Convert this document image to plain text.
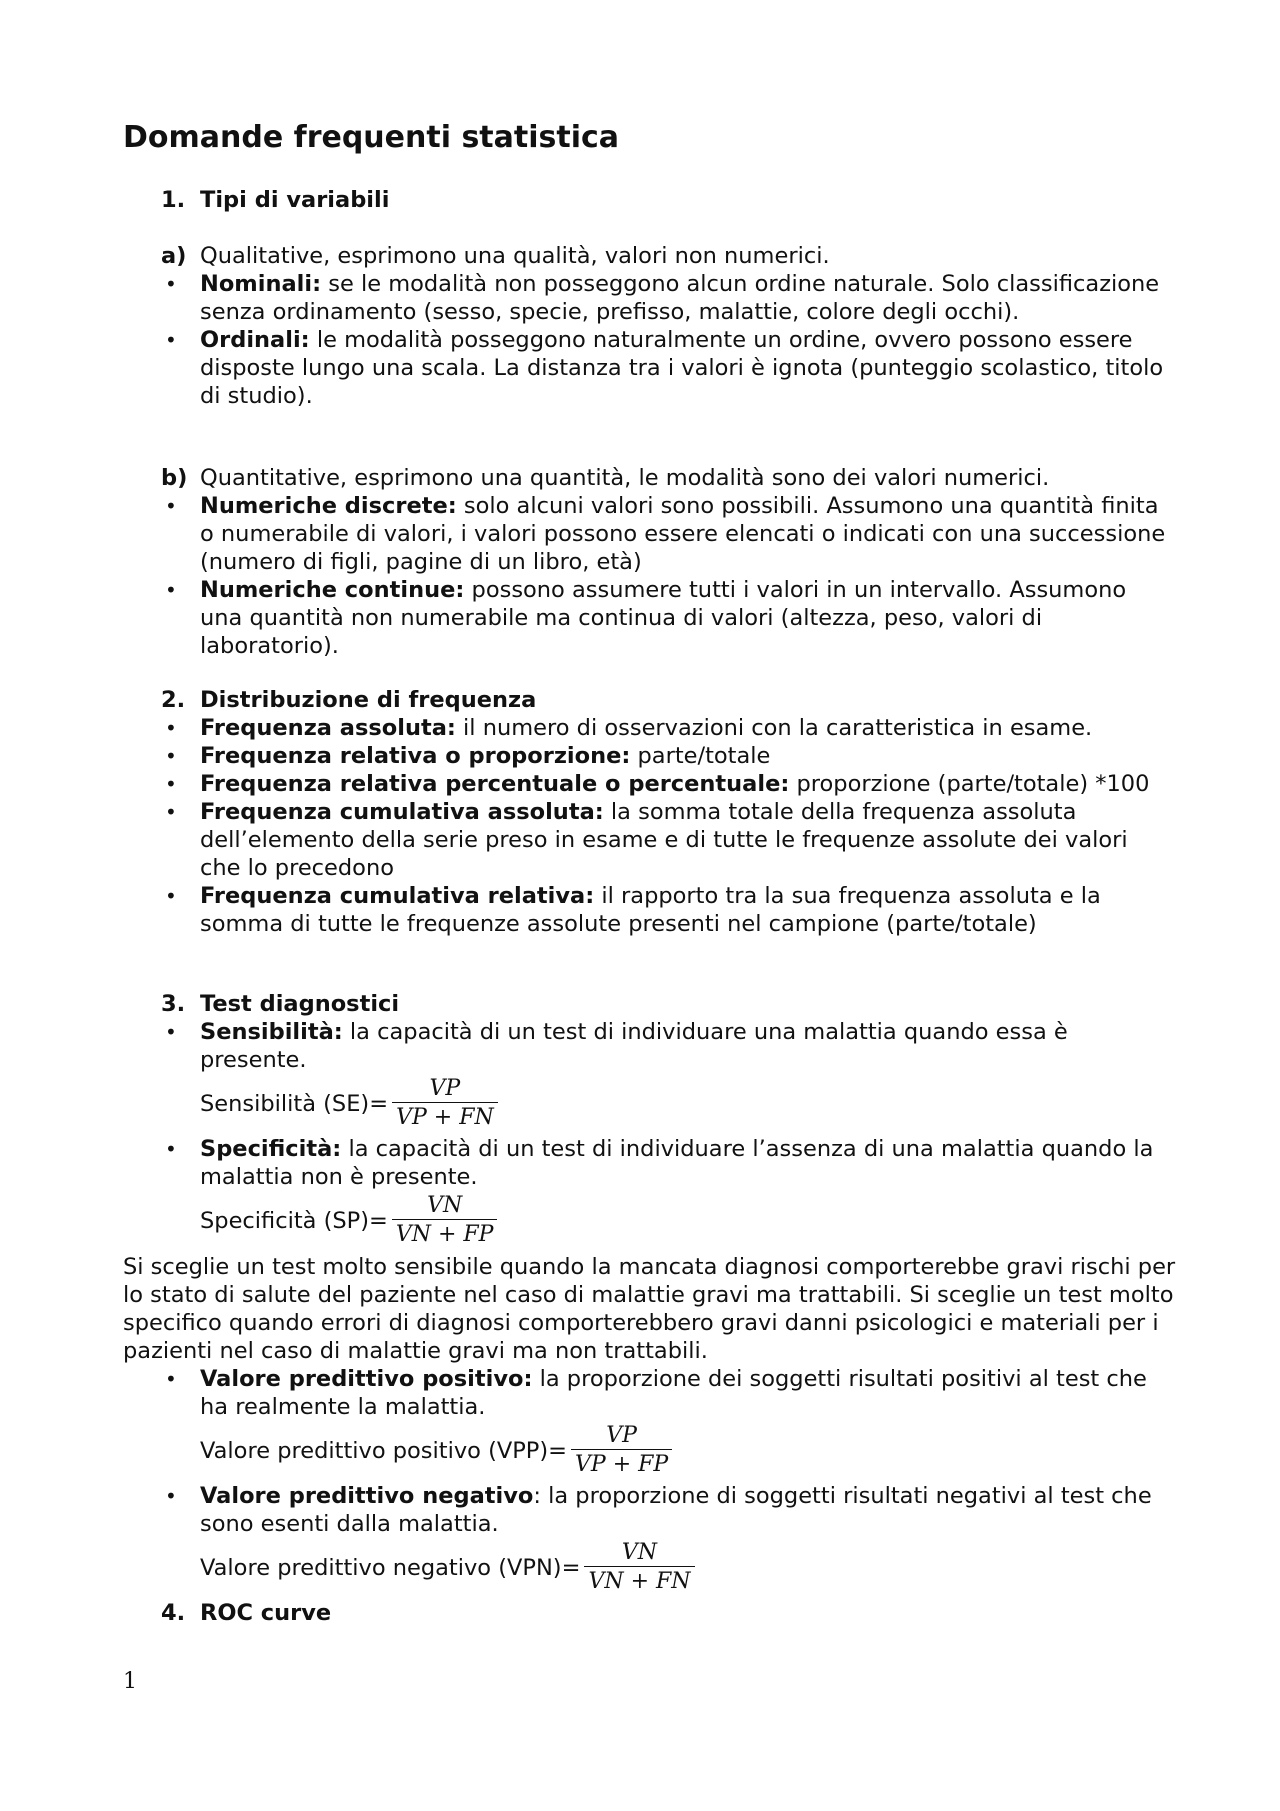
Domande frequenti statistica
1. Tipi di variabili
a) Qualitative, esprimono una qualità, valori non numerici.
•	Nominali: se le modalità non posseggono alcun ordine naturale. Solo classificazione senza ordinamento (sesso, specie, prefisso, malattie, colore degli occhi).
•	Ordinali: le modalità posseggono naturalmente un ordine, ovvero possono essere disposte lungo una scala. La distanza tra i valori è ignota (punteggio scolastico, titolo di studio).
b) Quantitative, esprimono una quantità, le modalità sono dei valori numerici.
•	Numeriche discrete: solo alcuni valori sono possibili. Assumono una quantità finita o numerabile di valori, i valori possono essere elencati o indicati con una successione (numero di figli, pagine di un libro, età)
•	Numeriche continue: possono assumere tutti i valori in un intervallo. Assumono una quantità non numerabile ma continua di valori (altezza, peso, valori di laboratorio).
2. Distribuzione di frequenza
•	Frequenza assoluta: il numero di osservazioni con la caratteristica in esame.
•	Frequenza relativa o proporzione: parte/totale
•	Frequenza relativa percentuale o percentuale: proporzione (parte/totale) *100
•	Frequenza cumulativa assoluta: la somma totale della frequenza assoluta dell’elemento della serie preso in esame e di tutte le frequenze assolute dei valori che lo precedono
•	Frequenza cumulativa relativa: il rapporto tra la sua frequenza assoluta e la somma di tutte le frequenze assolute presenti nel campione (parte/totale)
3. Test diagnostici
•	Sensibilità: la capacità di un test di individuare una malattia quando essa è presente.
Sensibilità $(SE)= \frac{VP}{VP + FN}$
•	Specificità: la capacità di un test di individuare l’assenza di una malattia quando la malattia non è presente.
Specificità $(SP)= \frac{VN}{VN + FP}$
Si sceglie un test molto sensibile quando la mancata diagnosi comporterebbe gravi rischi per lo stato di salute del paziente nel caso di malattie gravi ma trattabili. Si sceglie un test molto specifico quando errori di diagnosi comporterebbero gravi danni psicologici e materiali per i pazienti nel caso di malattie gravi ma non trattabili.
•	Valore predittivo positivo: la proporzione dei soggetti risultati positivi al test che ha realmente la malattia.
Valore predittivo positivo $(VPP)= \frac{VP}{VP + FP}$
•	Valore predittivo negativo: la proporzione di soggetti risultati negativi al test che sono esenti dalla malattia.
Valore predittivo negativo $(VPN)= \frac{VN}{VN + FN}$
4. ROC curve
1
